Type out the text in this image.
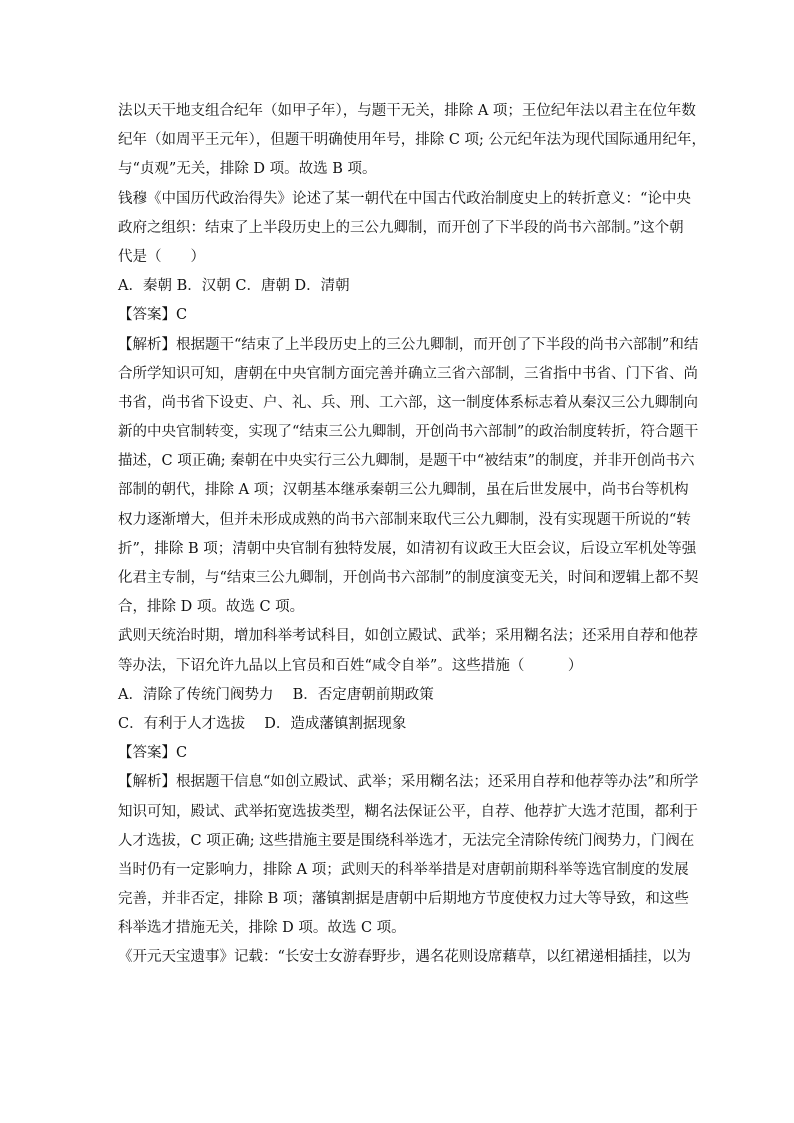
法以天干地支组合纪年（如甲子年），与题干无关，排除 A 项；王位纪年法以君主在位年数
纪年（如周平王元年），但题干明确使用年号，排除 C 项; 公元纪年法为现代国际通用纪年，
与“贞观”无关，排除 D 项。故选 B 项。
钱穆《中国历代政治得失》论述了某一朝代在中国古代政治制度史上的转折意义：“论中央
政府之组织：结束了上半段历史上的三公九卿制，而开创了下半段的尚书六部制。”这个朝
代是（　　）
A．秦朝 B．汉朝 C．唐朝 D．清朝
【答案】C
【解析】根据题干“结束了上半段历史上的三公九卿制，而开创了下半段的尚书六部制”和结
合所学知识可知，唐朝在中央官制方面完善并确立三省六部制，三省指中书省、门下省、尚
书省，尚书省下设吏、户、礼、兵、刑、工六部，这一制度体系标志着从秦汉三公九卿制向
新的中央官制转变，实现了“结束三公九卿制，开创尚书六部制”的政治制度转折，符合题干
描述，C 项正确; 秦朝在中央实行三公九卿制，是题干中“被结束”的制度，并非开创尚书六
部制的朝代，排除 A 项；汉朝基本继承秦朝三公九卿制，虽在后世发展中，尚书台等机构
权力逐渐增大，但并未形成成熟的尚书六部制来取代三公九卿制，没有实现题干所说的“转
折”，排除 B 项；清朝中央官制有独特发展，如清初有议政王大臣会议，后设立军机处等强
化君主专制，与“结束三公九卿制，开创尚书六部制”的制度演变无关，时间和逻辑上都不契
合，排除 D 项。故选 C 项。
武则天统治时期，增加科举考试科目，如创立殿试、武举；采用糊名法；还采用自荐和他荐
等办法，下诏允许九品以上官员和百姓“咸令自举”。这些措施（　　　）
A．清除了传统门阀势力　 B．否定唐朝前期政策
C．有利于人才选拔　 D．造成藩镇割据现象
【答案】C
【解析】根据题干信息“如创立殿试、武举；采用糊名法；还采用自荐和他荐等办法”和所学
知识可知，殿试、武举拓宽选拔类型，糊名法保证公平，自荐、他荐扩大选才范围，都利于
人才选拔，C 项正确; 这些措施主要是围绕科举选才，无法完全清除传统门阀势力，门阀在
当时仍有一定影响力，排除 A 项；武则天的科举举措是对唐朝前期科举等选官制度的发展
完善，并非否定，排除 B 项；藩镇割据是唐朝中后期地方节度使权力过大等导致，和这些
科举选才措施无关，排除 D 项。故选 C 项。
《开元天宝遗事》记载：“长安士女游春野步，遇名花则设席藉草，以红裙递相插挂，以为
